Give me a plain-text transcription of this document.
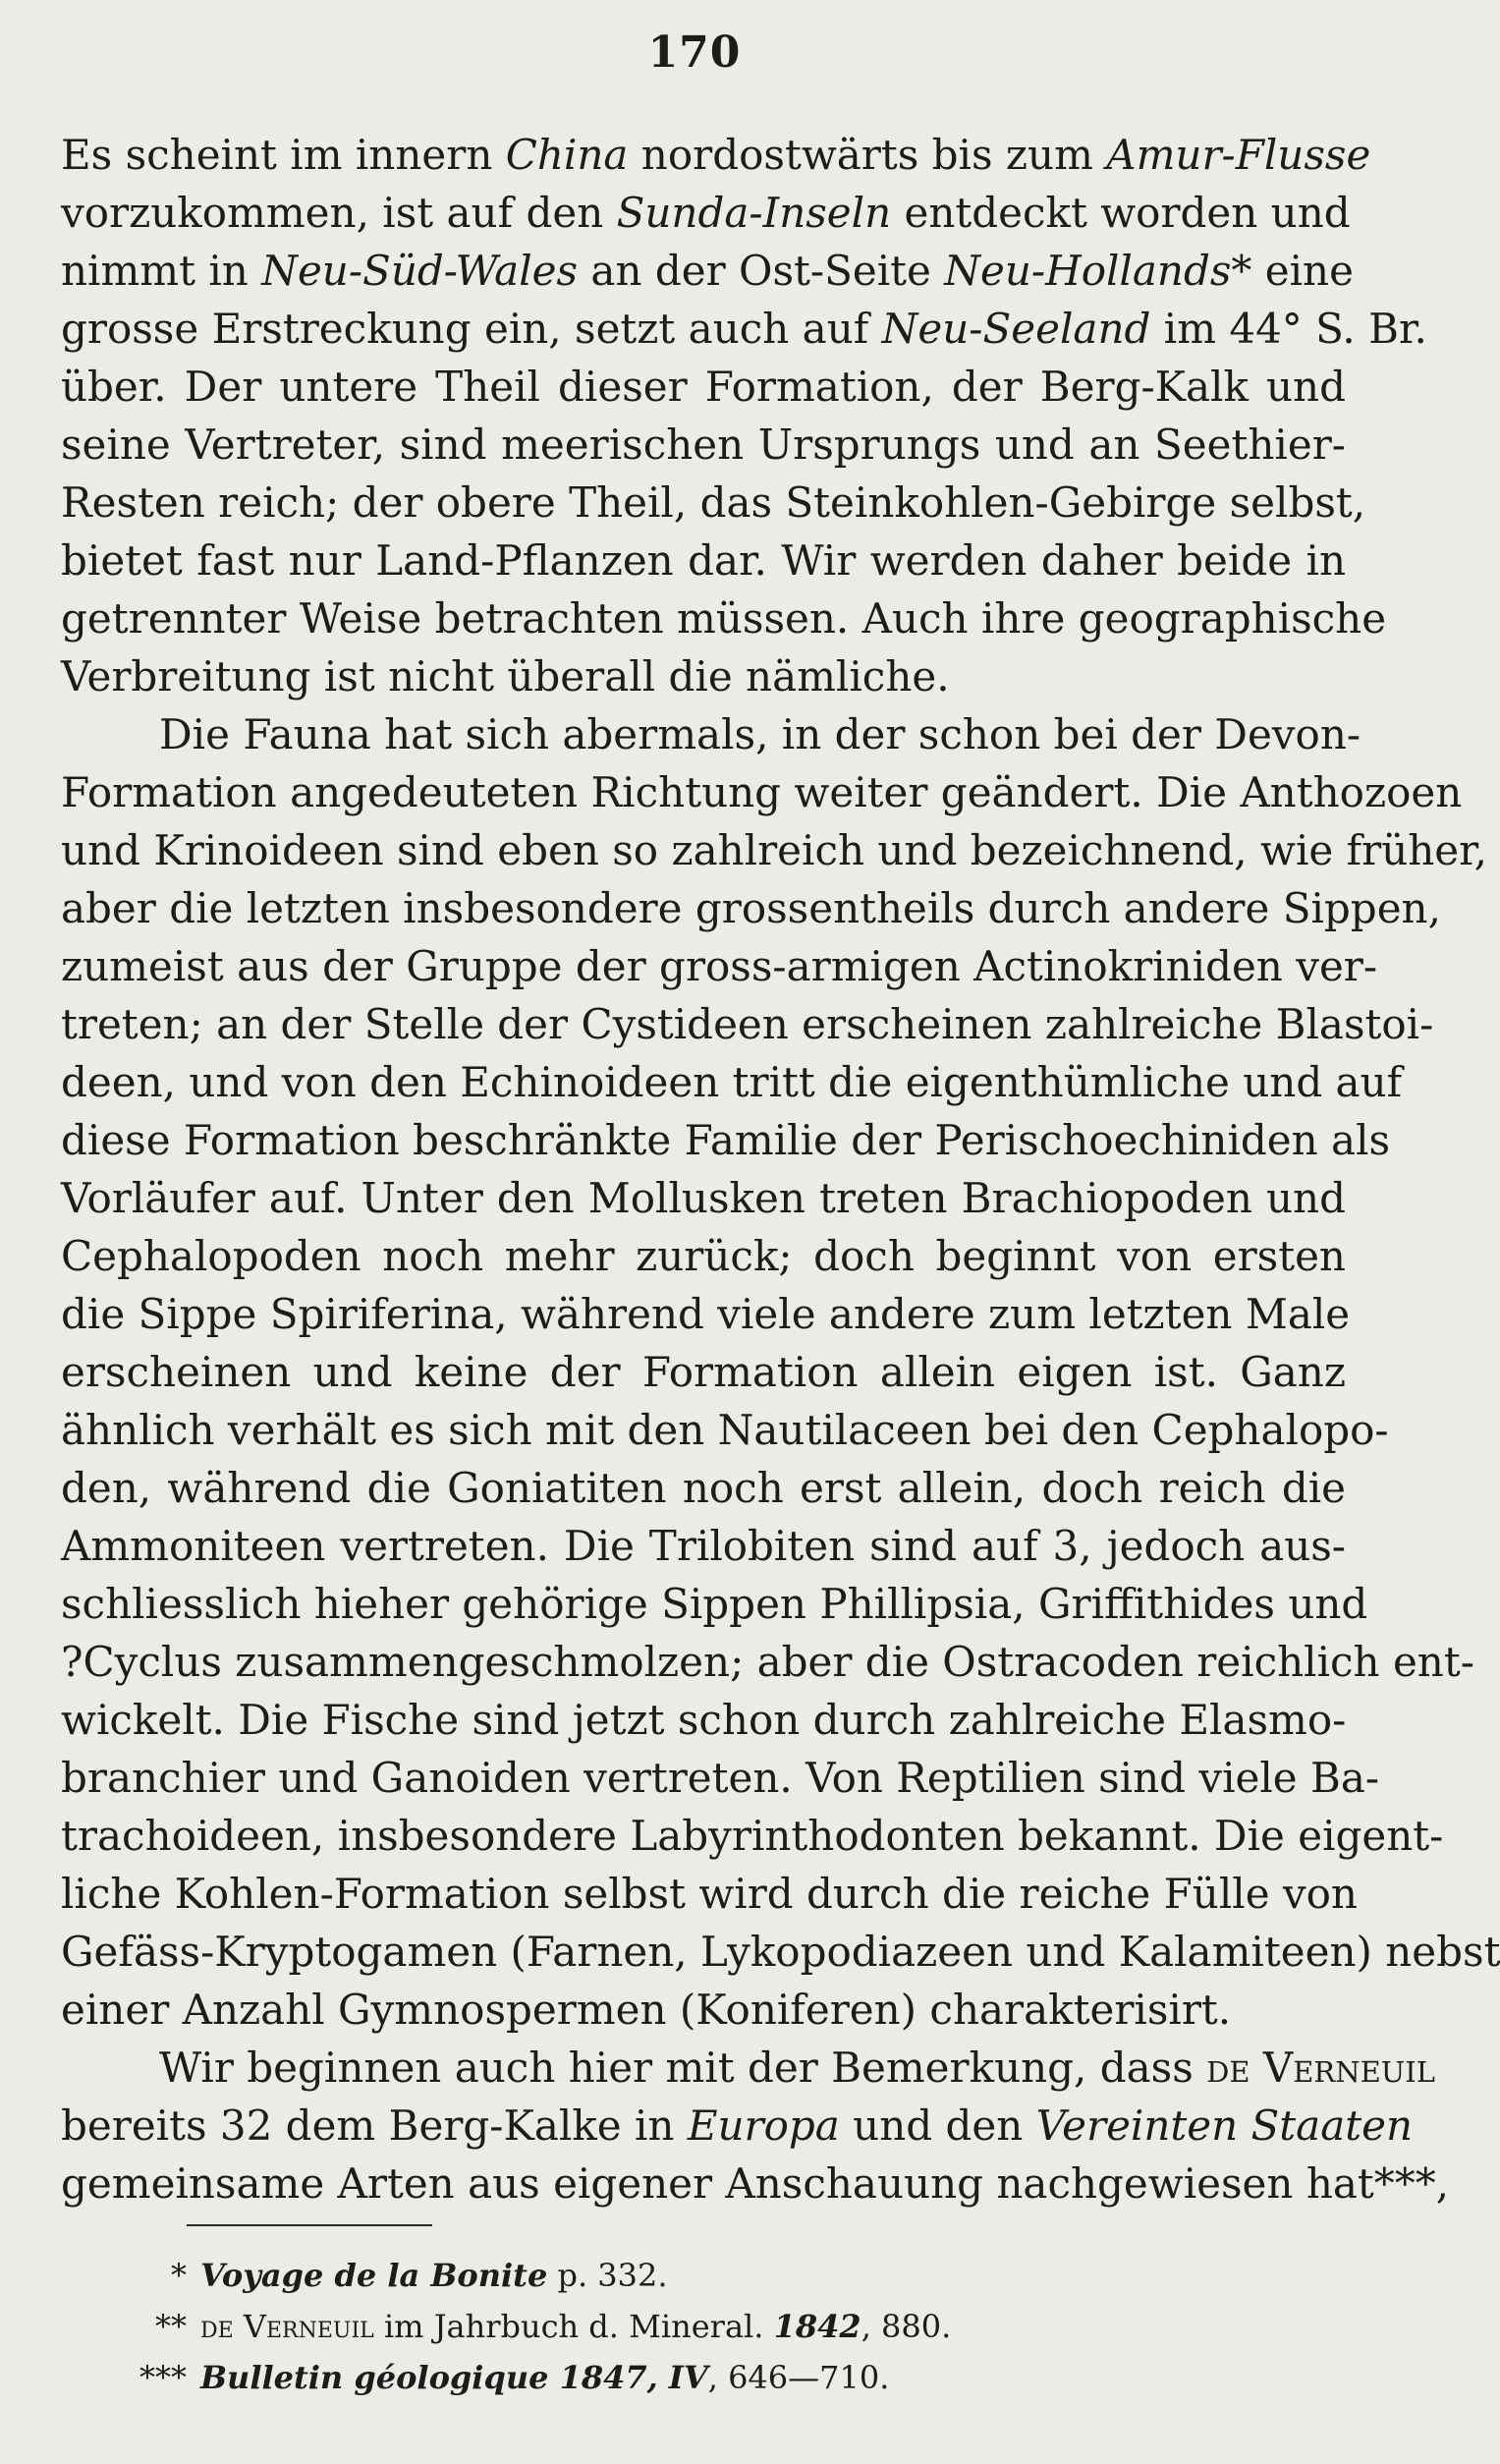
170
Es scheint im innern China nordostwärts bis zum Amur-Flusse
vorzukommen, ist auf den Sunda-Inseln entdeckt worden und
nimmt in Neu-Süd-Wales an der Ost-Seite Neu-Hollands* eine
grosse Erstreckung ein, setzt auch auf Neu-Seeland im 44° S. Br.
über. Der untere Theil dieser Formation, der Berg-Kalk und
seine Vertreter, sind meerischen Ursprungs und an Seethier-
Resten reich; der obere Theil, das Steinkohlen-Gebirge selbst,
bietet fast nur Land-Pflanzen dar. Wir werden daher beide in
getrennter Weise betrachten müssen. Auch ihre geographische
Verbreitung ist nicht überall die nämliche.
Die Fauna hat sich abermals, in der schon bei der Devon-
Formation angedeuteten Richtung weiter geändert. Die Anthozoen
und Krinoideen sind eben so zahlreich und bezeichnend, wie früher,
aber die letzten insbesondere grossentheils durch andere Sippen,
zumeist aus der Gruppe der gross-armigen Actinokriniden ver-
treten; an der Stelle der Cystideen erscheinen zahlreiche Blastoi-
deen, und von den Echinoideen tritt die eigenthümliche und auf
diese Formation beschränkte Familie der Perischoechiniden als
Vorläufer auf. Unter den Mollusken treten Brachiopoden und
Cephalopoden noch mehr zurück; doch beginnt von ersten
die Sippe Spiriferina, während viele andere zum letzten Male
erscheinen und keine der Formation allein eigen ist. Ganz
ähnlich verhält es sich mit den Nautilaceen bei den Cephalopo-
den, während die Goniatiten noch erst allein, doch reich die
Ammoniteen vertreten. Die Trilobiten sind auf 3, jedoch aus-
schliesslich hieher gehörige Sippen Phillipsia, Griffithides und
?Cyclus zusammengeschmolzen; aber die Ostracoden reichlich ent-
wickelt. Die Fische sind jetzt schon durch zahlreiche Elasmo-
branchier und Ganoiden vertreten. Von Reptilien sind viele Ba-
trachoideen, insbesondere Labyrinthodonten bekannt. Die eigent-
liche Kohlen-Formation selbst wird durch die reiche Fülle von
Gefäss-Kryptogamen (Farnen, Lykopodiazeen und Kalamiteen) nebst
einer Anzahl Gymnospermen (Koniferen) charakterisirt.
Wir beginnen auch hier mit der Bemerkung, dass de Verneuil
bereits 32 dem Berg-Kalke in Europa und den Vereinten Staaten
gemeinsame Arten aus eigener Anschauung nachgewiesen hat***,
* Voyage de la Bonite p. 332.
** de Verneuil im Jahrbuch d. Mineral. 1842, 880.
*** Bulletin géologique 1847, IV, 646—710.
